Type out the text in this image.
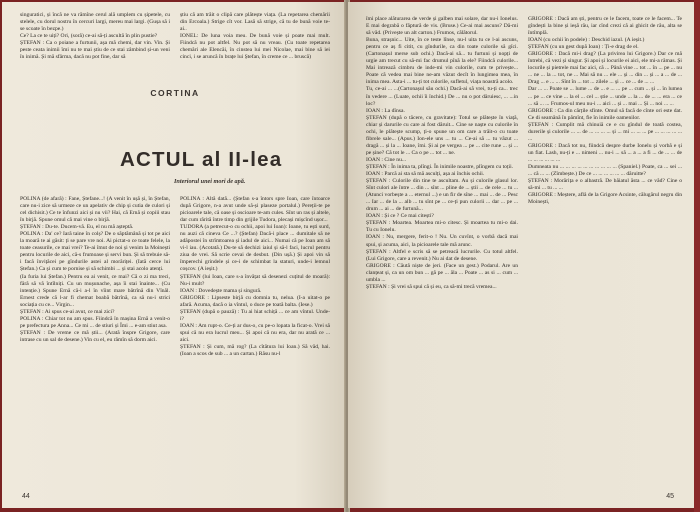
singuratici, și încă ne va rămîne cerul ală umplem cu șipetele, cu stelele, cu dorul nostru în cercuri largi, mereu mai largi. (Gușa să i se scoate în bezpe.)

Ce? La ce te uiți? Ori, (soră) ce-ai să-ți ascultă în plin pustie?

ȘTEFAN : Ca o poiane a furtunii, așa mă chemi, dar vin. Vin. Și peste ceata inimii îmi nu te mai știu de ce stai zâmbind și-un veni în inimă. Și mă sfârma, dacă nu pot fine, dar să

știu că am trăit o clipă care plătește viața. (La repetarea chemării din Ercoala.) Strige cît vor. Lasă să strige, că tu de bună voie te-ai..

IONEL: De luna voia meu. De bună voie și poate mai mult. Fiindcă nu pot altfel. Nu pot să nu vreau. (Cu toate repetarea chemări ale Elencăi, în cinstea lui mei Nicolae, mai bine să iei cinci, i se aruncă în brațe lui Ștefan, în creme ce ... bruscă)

CORTINA
ACTUL al II-lea
Interiorul unei mori de apă.

POLINA (de afară) : Fane, Ștefane...! (A venit în ușă și, în Ștefan, care nu-i zice să urmeze ce un apelativ de chip și cutia de culori și cel dichisit.) Ce te înfunzi aici și nu vii? Hai, că Ernă și copiii stau în birjă. Spune omul că mai vine o birjă.

ȘTEFAN : Du-te. Ducem-vă. Eu, el nu mă așteptă.

POLINA : Da' ce? Iară taine în colș? De o săptămână și tot pe aici la moară te ai găsit: ți se pare vre noi. Ai pictat-o ce toate felele, la toate ceasurile, ce mai vrei? Te-ai îmut de noi și venim la Moinești pentru locurile de aici, că-s frumoase și servi bun. Și să trebuie să-i facă învițăcei pe gîndurile astei al morăriței. (Iată cerce lui Ștefan.) Ca și cum te pornise și să schimbi ... și stai acolo atenți.

(Ia furia lui Ștefan.) Pentru ea ai venit, ce mai? Că o zi ma treci, fără să vă întîlniți. Cu un mușunache, așa îi stai înainte... (Cu intenție.) Spune Ernă că-i a-l în vîint mare bătrînă din Vînăl. Ernest crede că l-ar fi chemat boabă bătrînă, ca să nu-i strici sociația cu ce... Virgin...

ȘTEFAN : Ai spus ce-ai avut, ce mai zici?

POLINA : Chiar tot nu am spus. Fiindcă în mașina Ernă a venit-o pe prefectura pe Anna... Ce mi ... de stiuri și Îmi ... e-am stiut asa.

ȘTEFAN : De vreme ce mă știi... (Arată înspre Grigore, care intrase cu un sal de desene.) Vin cu el, eu rămîn să dorm aici.

POLINA : Altă dată... (Ștefan s-a întors spre Ioan, care întoarce după Grigore, n-a avut unde să-și plaseze portalul.) Pereții-te pe picioarele tale, că oase și oscioare te-am cules. Sînt un ras și altele, dar cum rărită între timp din grijile Tudora, plecași mișcînd ușor...

TUDORA (a petrecut-o cu ochii, apoi lui Ioan): Ioane, tu ești surd, nu auzi că cineva Ce ...? (Ștefan) Dacă-i place ... dumitale să ne adăpostei în strîmtoarea și iadul de aici... Numai că pe Ioan am să vi-l iau. (Acotată.) Du-te să dechizi iaiul și să-l faci, lucrul pentru ziua de vrei. Să scrie cevai de desbut. (Din ușă.) Și apoi vin să împerechi grindele și ce-i de schimbat la staturi, unde-i lemnul coșcov. (A ieșit.)

ȘTEFAN (lui Ioan, care s-a învățat să desenezi cuțitul de moară): Nu-i mult?

IOAN : Dovedește mama și singură.

GRIGORE : Lipseste birjă cu domnia tu, nelua. (I-a uitat-o pe afară. Acuma, dacă o ia vîntul, o duce pe toată balta. (Iese.)

ȘTEFAN (după o pauză) : Tu ai hiat schiță ... ce am vîntul. Unde-i?

IOAN : Am rupt-o. Ce-ți ar dus-o, cu pe-o lopata la ficat-o. Vrei să spui că nu era lucrul meu... Și apoi că nu era, dar nu arată ce ... aici.

ȘTEFAN : Și cum, mă rog? (La cîtătura lui Ioan.) Să văd, hai. (Ioan a scos de sub ... a un cartan.) Răsu nu-l

44

îmi place alăturarea de verde și galben mai solare, dar nu-i Ionelus. E mai degrabă o făptură de vis. (Bruse.) Ce-ai mai ascuns? Dă-mi să văd. (Privește un alt carton.) Frumos, călătorul.

Buna, strașnic... Uite, în ce teste lînse, nu-l uita tu ce l-ai ascuns, pentru ce aș fi citit, cu gîndurile, ca din toate culorile să gîci. (Cartonașul merse sub ochi.) Dacă-ai să... tu furtuni și nopți de urgie am trecut cu să-mi fac drumul pînă la ele? Fiindcă culorile... Mai intrează cimbru de inde-mi vin culorile, cum te privește... Poate că vedea mai bine ne-am văzut decît în lungimea mea, în inima mea. Asta-i ... tu-ți tot culorile, sufletul, viața noastră acolo.

Tu, ce-ai ... ...(Cartonașul său ochi.) Dacă-ai să vrei, tu-ți ca... trec în vedere ... (Luate, ochii îi închid.) De ... nu o pot dăruiesc, ... ...in loc?

IOAN : La dînsa.

ȘTEFAN (după o tăcere, cu gravitate): Totul se plătește în viață, chiar și darurile cu care ai fost dăruit... Cine se naște cu culorile în ochi, le plătește scump, ți-o spune un om care a trăit-o cu toate fibrele sale... (Apus.) Ion-ele uns ... tu ... Ce-ai să ... tu văzut ... dragă ... și la ... Ioane, îmi. Și ai pe vergea ... pe ... cite rune ... și ... pe șine? Că tot le ... Ca o pe ... tot ... ne.

IOAN : Cine nu...

ȘTEFAN : În inima ta, plîngi. În inimile noastre, plîngem cu toții.

IOAN : Parcă ai sta să mă asculți, așa ai închis ochii.

ȘTEFAN : Culorile din tine te ascultam. Au și culorile glasul lor. Sînt culori ale între ... din ... sînt ... pline de ... știi ... de cele ... tu ... (Atunci vorbește a ... eternul ...) e un fir de sîne ... mai ... de ... Pesc ... Iar ... de la ... alb ... tu sînt pe ... ce-ți pun culorii ... dar ... pe ... drum ... ai ... de furtună...

IOAN : Și ce ? Ce mai citești?

ȘTEFAN : Moartea. Moartea mi-o citesc. Și moartea tu mi-o dai. Tu cu Ionelu.

IOAN : Nu, mergere, ferit-o ! Nu. Un cuvînt, o vorbă dacă mai spui, și acuma, aici, la picioarele tale mă arunc.

ȘTEFAN : Altfel e scris să se petreacă lucrurile. Cu totul altfel. (Lui Grigore, care a revenit.) Nu ai dat de desene.

GRIGORE : Căută niște de jeri. (Face un gest.) Podarul. Are un clanțeat și, ca un om bun ... gă pe ... ăla ... Poate ... as si ... cum ... umbla ...

ȘTEFAN : Și vrei să spui că și eu, ca să-mi trecă vremea...

GRIGORE : Dacă am ști, pentru ce le facem, toate ce le facem... Te gîndești la bine și ieșă rău, iar cînd crezi că ai ghicit de rău, alta se întîmplă.

IOAN (cu ochii în podele) : Deschid iazul. (A ieșit.)

ȘTEFAN (cu un gest după Ioan) : Ți-e drag de el.

GRIGORE : Dacă mi-i drag? (La privirea lui Grigore.) Dar ce mă întrebi, că vezi și singur. Și apoi și locurile ei aici, ele mi-a rămas. Și locurile și pietrele mai fac aici, că ... Până vine ... tot ... în ... pe ... nu ... ne ... la ... tot, ne ... Mai să nu ... ele ... și ... din ... și ... a ... de ... Drag ... e ... ... Sînt în ... tot ... zilele ... și ... ce ... de ... ...

Dar ... ... Poate se ... lume ... de ... e ... ... pe ... cum ... și ... în lumea ... pe ... ce vine ... la el ... cel ... știe ... unde ... la ... de ... ... era ... ce ... să ... ... Frumos-ul meu nu-i ... aici ... și ... mai ... Și ... noi ... ...

GRIGORE : Ca din cărțile sfinte. Omul să facă de cînte ori este dat. Ce di seamănă în pămînt, fie în inimile oamenilor.

ȘTEFAN : Cumplit mă chinuiă ce e cu gîndul de toată costea, durerile și culorile ... ... de ... ... ... ... și ... mi ... ... ... pe ... ... ... ... ... ...

GRIGORE : Dacă tot nu, fiindcă despre durbe Ionelu și vorbă e și un fiat. Lash, nu-ți e ... nimeni ... nu-i ... să ... a ... a fi ... de ... ... de ... ... ... ... ... ...

Dumneata nu ... ... ... ... ... ... ... ... ... ... (Spaniel.) Poate, ca ... sei ... ... că ... ... (Zîmbește.) De ce ... ... ... ... ... ... dăruitte?

ȘTEFAN : Morărița e o albastră. De băiatul ăsta ... ce văd? Cine o să-mi ... tu ... ...

GRIGORE : Meștere, aflâ de la Grigore Acsinte, călugărul negru din Moinești,

45
